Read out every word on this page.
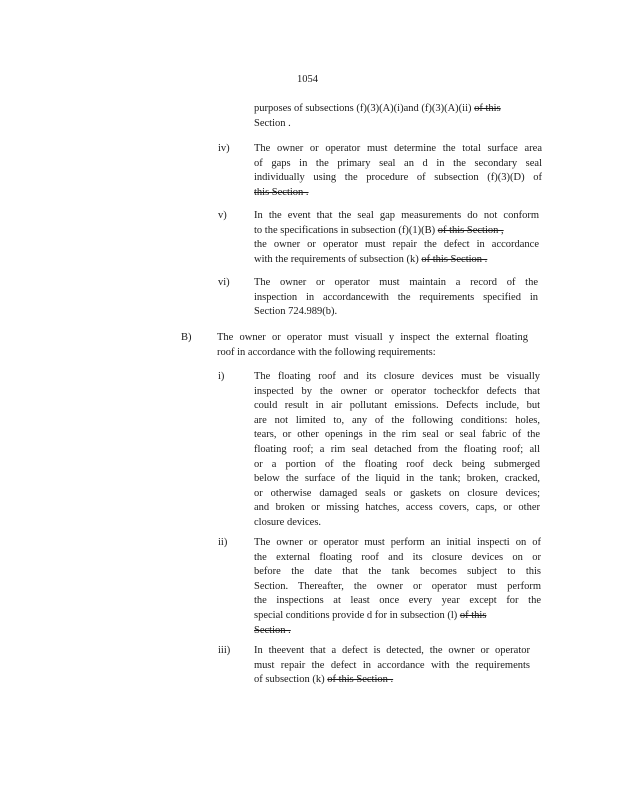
1054
purposes of subsections (f)(3)(A)(i)and (f)(3)(A)(ii) of this
Section .
iv) The owner or operator must determine the total surface area
of gaps in the primary seal an d in the secondary seal
individually using the procedure of subsection (f)(3)(D) of
this Section .
v)	In the event that the seal gap measurements do not conform
to the specifications in subsection (f)(1)(B) of this Section ,
the owner or operator must repair the defect in accordance
with the requirements of subsection (k) of this Section .
vi) The owner or operator must maintain a record of the
inspection in accordancewith the requirements specified in
Section 724.989(b).
B) The owner or operator must visuall y inspect the external floating
roof in accordance with the following requirements:
i)	The floating roof and its closure devices must be visually
inspected by the owner or operator tocheckfor defects that
could result in air pollutant emissions. Defects include, but
are not limited to, any of the following conditions: holes,
tears, or other openings in the rim seal or seal fabric of the
floating roof; a rim seal detached from the floating roof; all
or a portion of the floating roof deck being submerged
below the surface of the liquid in the tank; broken, cracked,
or otherwise damaged seals or gaskets on closure devices;
and broken or missing hatches, access covers, caps, or other
closure devices.
ii)	The owner or operator must perform an initial inspecti on of
the external floating roof and its closure devices on or
before the date that the tank becomes subject to this
Section. Thereafter, the owner or operator must perform
the inspections at least once every year except for the
special conditions provide d for in subsection (l) of this
Section .
iii) In theevent that a defect is detected, the owner or operator
must repair the defect in accordance with the requirements
of subsection (k) of this Section .
